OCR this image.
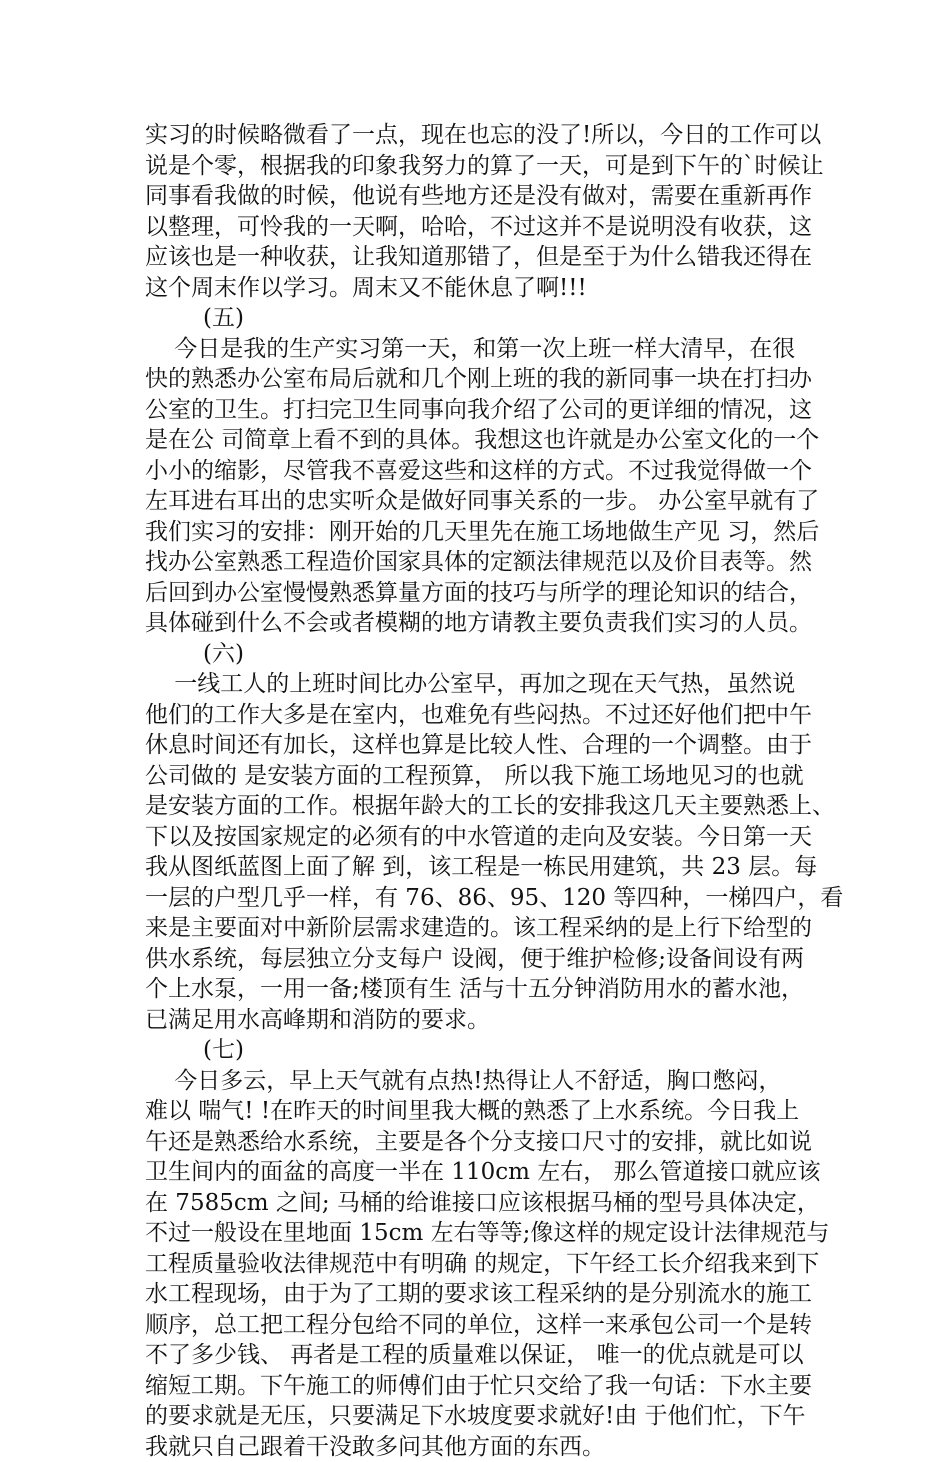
实习的时候略微看了一点，现在也忘的没了!所以，今日的工作可以
说是个零，根据我的印象我努力的算了一天，可是到下午的`时候让
同事看我做的时候，他说有些地方还是没有做对，需要在重新再作
以整理，可怜我的一天啊，哈哈，不过这并不是说明没有收获，这
应该也是一种收获，让我知道那错了，但是至于为什么错我还得在
这个周末作以学习。周末又不能休息了啊!!!
(五)
今日是我的生产实习第一天，和第一次上班一样大清早，在很
快的熟悉办公室布局后就和几个刚上班的我的新同事一块在打扫办
公室的卫生。打扫完卫生同事向我介绍了公司的更详细的情况，这
是在公 司简章上看不到的具体。我想这也许就是办公室文化的一个
小小的缩影，尽管我不喜爱这些和这样的方式。不过我觉得做一个
左耳进右耳出的忠实听众是做好同事关系的一步。 办公室早就有了
我们实习的安排：刚开始的几天里先在施工场地做生产见 习，然后
找办公室熟悉工程造价国家具体的定额法律规范以及价目表等。然
后回到办公室慢慢熟悉算量方面的技巧与所学的理论知识的结合，
具体碰到什么不会或者模糊的地方请教主要负责我们实习的人员。
(六)
一线工人的上班时间比办公室早，再加之现在天气热，虽然说
他们的工作大多是在室内，也难免有些闷热。不过还好他们把中午
休息时间还有加长，这样也算是比较人性、合理的一个调整。由于
公司做的 是安装方面的工程预算， 所以我下施工场地见习的也就
是安装方面的工作。根据年龄大的工长的安排我这几天主要熟悉上、
下以及按国家规定的必须有的中水管道的走向及安装。今日第一天
我从图纸蓝图上面了解 到，该工程是一栋民用建筑，共 23 层。每
一层的户型几乎一样，有 76、86、95、120 等四种，一梯四户，看
来是主要面对中新阶层需求建造的。该工程采纳的是上行下给型的
供水系统，每层独立分支每户 设阀，便于维护检修;设备间设有两
个上水泵，一用一备;楼顶有生 活与十五分钟消防用水的蓄水池，
已满足用水高峰期和消防的要求。
(七)
今日多云，早上天气就有点热!热得让人不舒适，胸口憋闷，
难以 喘气! !在昨天的时间里我大概的熟悉了上水系统。今日我上
午还是熟悉给水系统，主要是各个分支接口尺寸的安排，就比如说
卫生间内的面盆的高度一半在 110cm 左右， 那么管道接口就应该
在 7585cm 之间; 马桶的给谁接口应该根据马桶的型号具体决定，
不过一般设在里地面 15cm 左右等等;像这样的规定设计法律规范与
工程质量验收法律规范中有明确 的规定，下午经工长介绍我来到下
水工程现场，由于为了工期的要求该工程采纳的是分别流水的施工
顺序，总工把工程分包给不同的单位，这样一来承包公司一个是转
不了多少钱、 再者是工程的质量难以保证， 唯一的优点就是可以
缩短工期。下午施工的师傅们由于忙只交给了我一句话：下水主要
的要求就是无压，只要满足下水坡度要求就好!由 于他们忙，下午
我就只自己跟着干没敢多问其他方面的东西。
